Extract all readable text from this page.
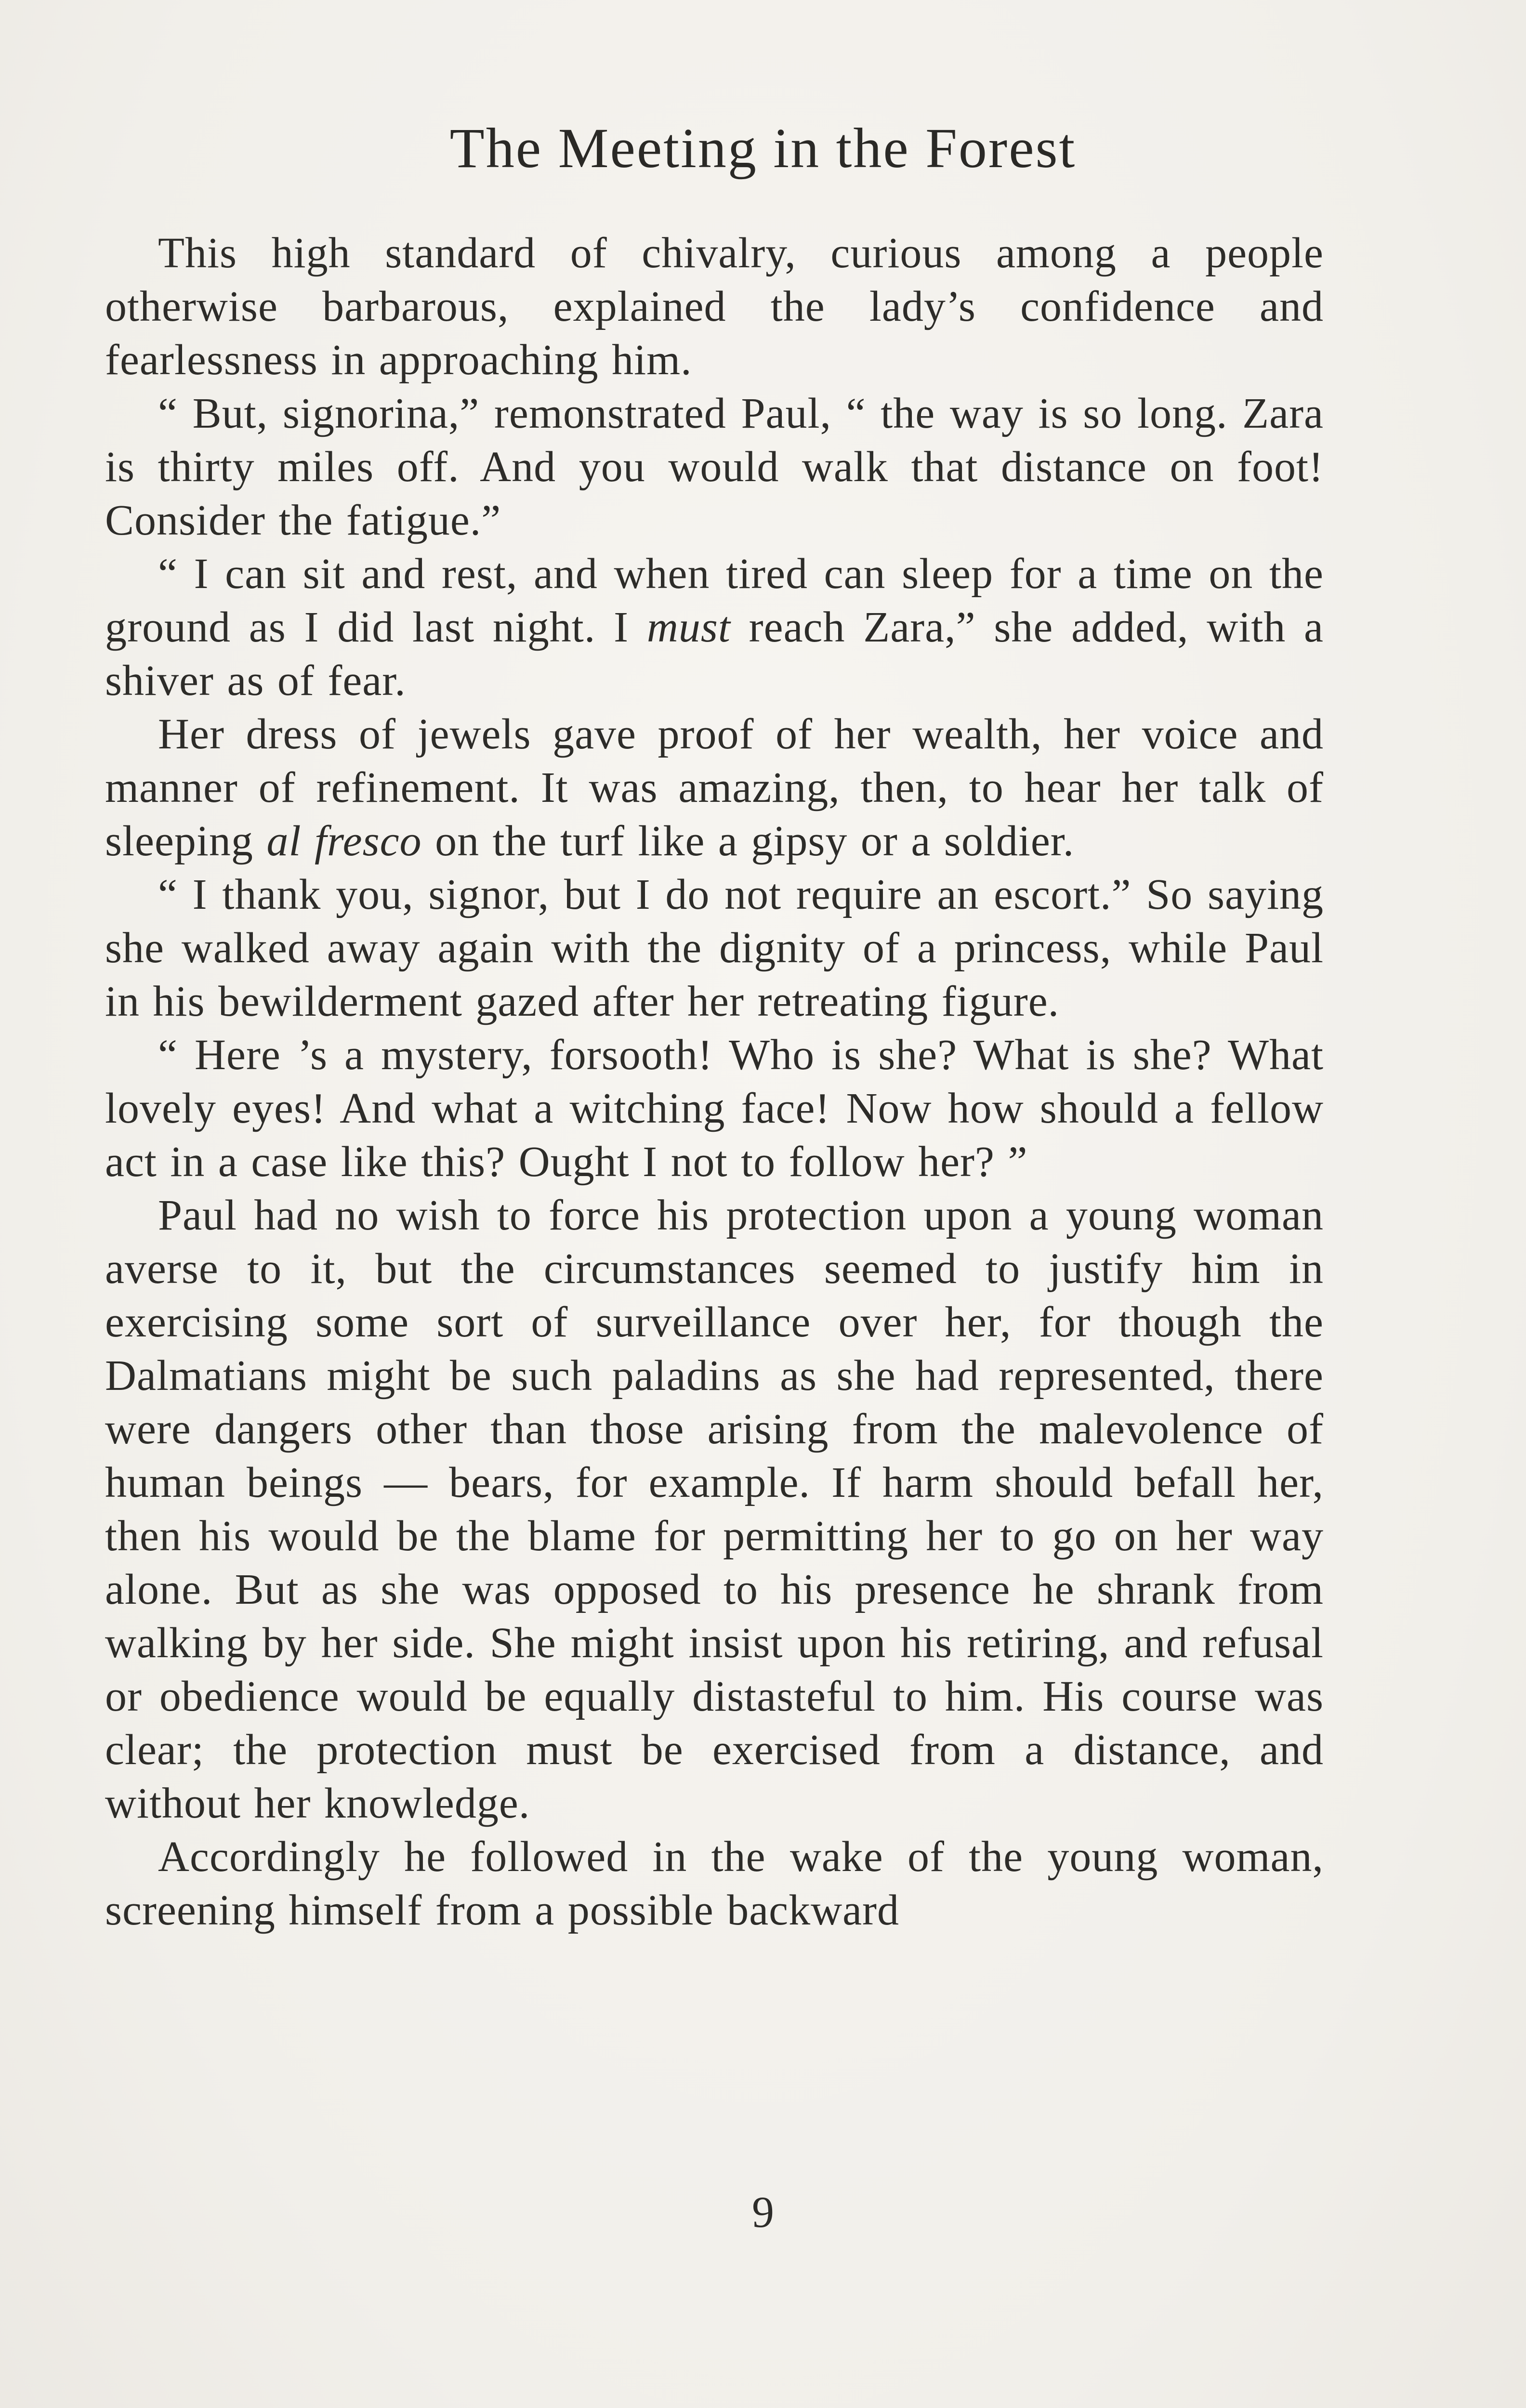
The Meeting in the Forest

This high standard of chivalry, curious among a people otherwise barbarous, explained the lady’s confidence and fearlessness in approaching him.

“ But, signorina,” remonstrated Paul, “ the way is so long. Zara is thirty miles off. And you would walk that distance on foot! Consider the fatigue.”

“ I can sit and rest, and when tired can sleep for a time on the ground as I did last night. I must reach Zara,” she added, with a shiver as of fear.

Her dress of jewels gave proof of her wealth, her voice and manner of refinement. It was amazing, then, to hear her talk of sleeping al fresco on the turf like a gipsy or a soldier.

“ I thank you, signor, but I do not require an escort.” So saying she walked away again with the dignity of a princess, while Paul in his bewilderment gazed after her retreating figure.

“ Here ’s a mystery, forsooth! Who is she? What is she? What lovely eyes! And what a witching face! Now how should a fellow act in a case like this? Ought I not to follow her? ”

Paul had no wish to force his protection upon a young woman averse to it, but the circumstances seemed to justify him in exercising some sort of surveillance over her, for though the Dalmatians might be such paladins as she had represented, there were dangers other than those arising from the malevolence of human beings — bears, for example. If harm should befall her, then his would be the blame for permitting her to go on her way alone. But as she was opposed to his presence he shrank from walking by her side. She might insist upon his retiring, and refusal or obedience would be equally distasteful to him. His course was clear; the protection must be exercised from a distance, and without her knowledge.

Accordingly he followed in the wake of the young woman, screening himself from a possible backward

9
